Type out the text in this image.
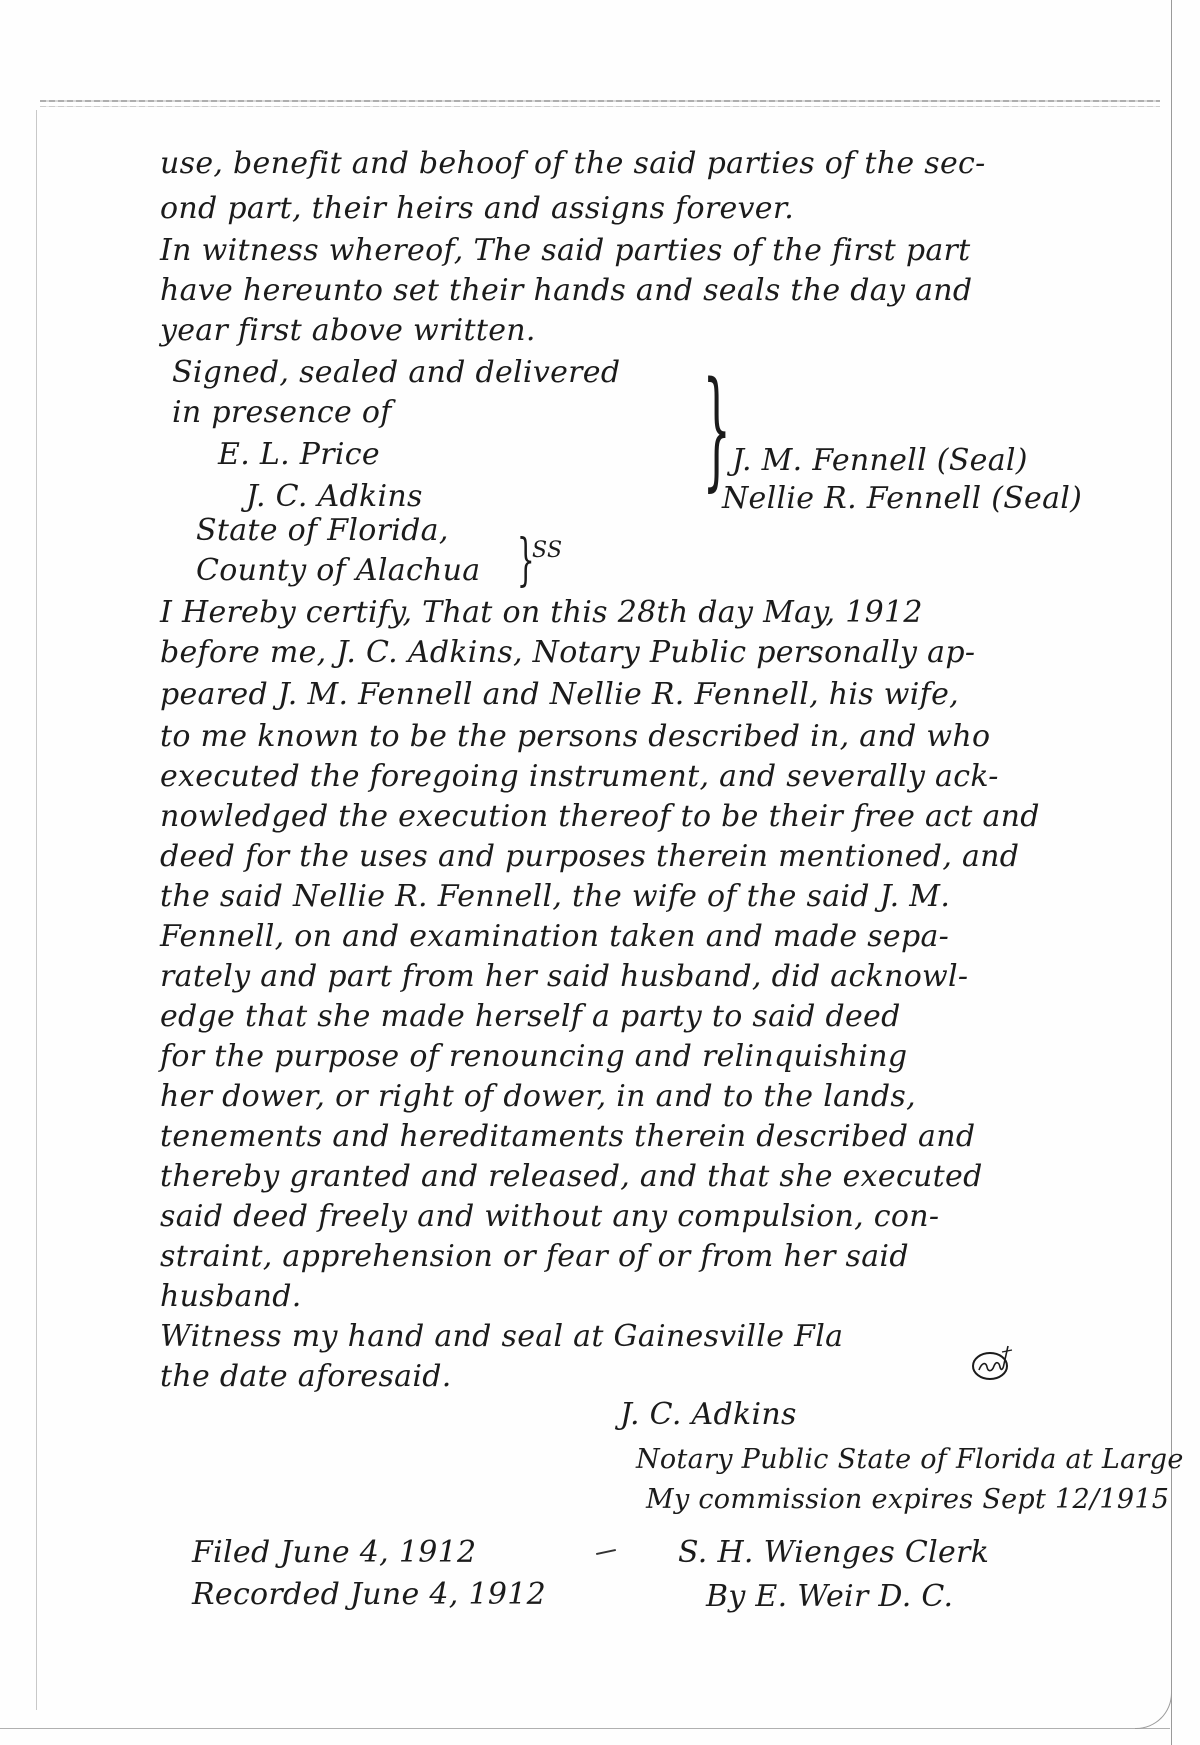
use, benefit and behoof of the said parties of the sec-
ond part, their heirs and assigns forever.
In witness whereof, The said parties of the first part
have hereunto set their hands and seals the day and
year first above written.
Signed, sealed and delivered
in presence of
E. L. Price
J. C. Adkins } J. M. Fennell (Seal)
Nellie R. Fennell (Seal)
State of Florida,
County of Alachua }
SS
I Hereby certify, That on this 28th day May, 1912
before me, J. C. Adkins, Notary Public personally ap-
peared J. M. Fennell and Nellie R. Fennell, his wife,
to me known to be the persons described in, and who
executed the foregoing instrument, and severally ack-
nowledged the execution thereof to be their free act and
deed for the uses and purposes therein mentioned, and
the said Nellie R. Fennell, the wife of the said J. M.
Fennell, on and examination taken and made sepa-
rately and part from her said husband, did acknowl-
edge that she made herself a party to said deed
for the purpose of renouncing and relinquishing
her dower, or right of dower, in and to the lands,
tenements and hereditaments therein described and
thereby granted and released, and that she executed
said deed freely and without any compulsion, con-
straint, apprehension or fear of or from her said
husband.
Witness my hand and seal at Gainesville Fla
the date aforesaid.
J. C. Adkins
Notary Public State of Florida at Large
My commission expires Sept 12/1915
Filed June 4, 1912
Recorded June 4, 1912
S. H. Wienges Clerk
By E. Weir D. C.
